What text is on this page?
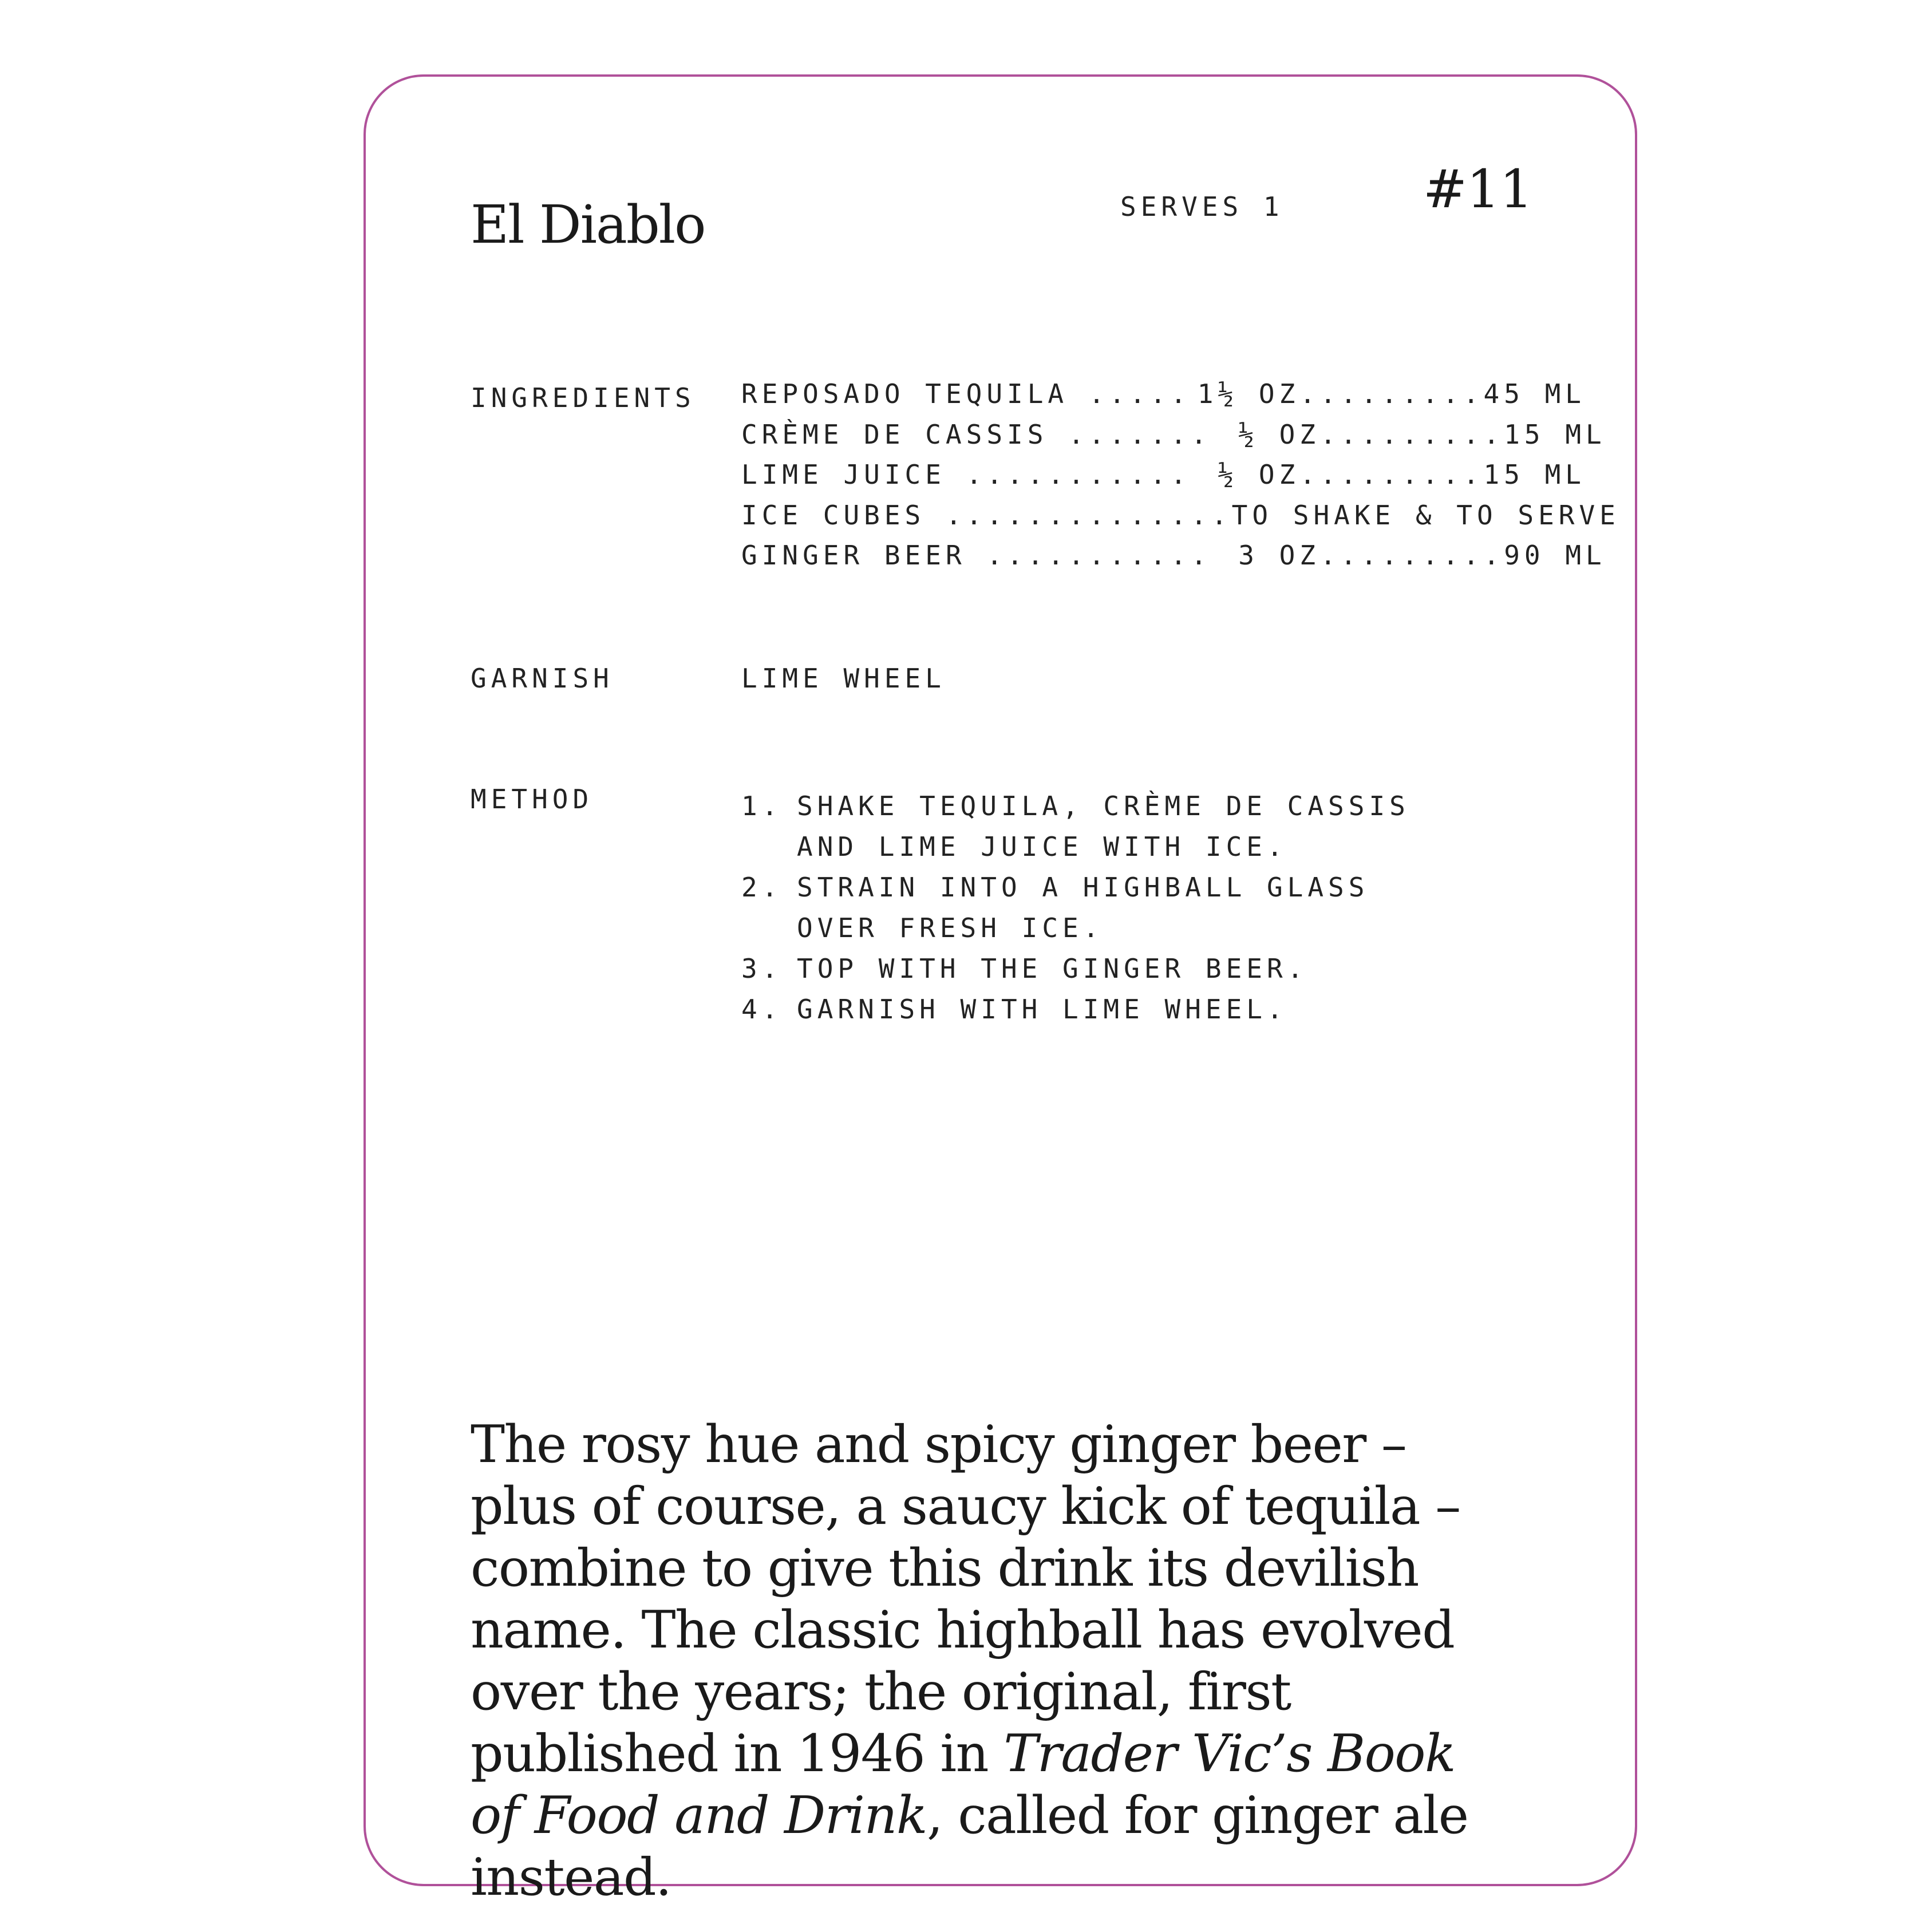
El Diablo	SERVES 1	#11
INGREDIENTS REPOSADO TEQUILA ..... 1½ OZ .........45 ML
CRÈME DE CASSIS .......	½ OZ .........15 ML
LIME JUICE ...........	½ OZ .........15 ML
ICE CUBES .............. TO SHAKE & TO SERVE
GINGER BEER ...........	3 OZ .........90 ML
GARNISH	LIME WHEEL
METHOD	1. SHAKE TEQUILA, CRÈME DE CASSIS AND LIME JUICE WITH ICE.
2. STRAIN INTO A HIGHBALL GLASS OVER FRESH ICE.
3. TOP WITH THE GINGER BEER.
4. GARNISH WITH LIME WHEEL.

The rosy hue and spicy ginger beer – plus of course, a saucy kick of tequila – combine to give this drink its devilish name. The classic highball has evolved over the years; the original, first published in 1946 in Trader Vic’s Book of Food and Drink, called for ginger ale instead.
